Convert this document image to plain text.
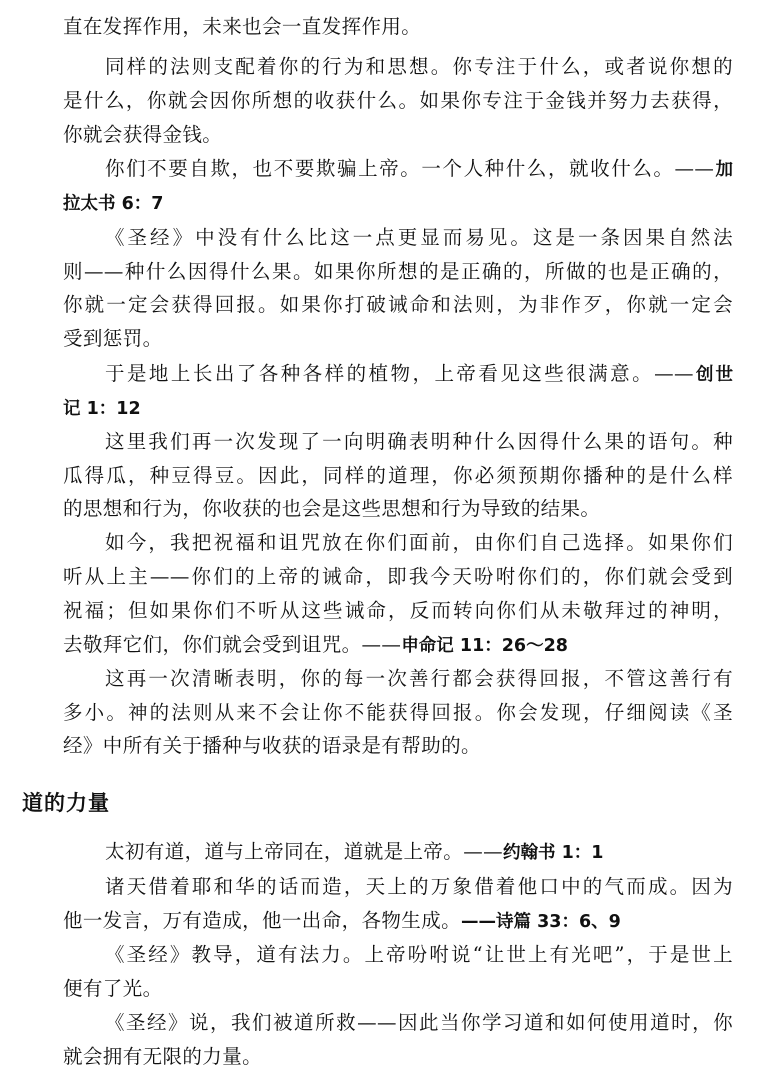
直在发挥作用，未来也会一直发挥作用。
同样的法则支配着你的行为和思想。你专注于什么，或者说你想的
是什么，你就会因你所想的收获什么。如果你专注于金钱并努力去获得，
你就会获得金钱。
你们不要自欺，也不要欺骗上帝。一个人种什么，就收什么。——加
拉太书 6：7
《圣经》中没有什么比这一点更显而易见。这是一条因果自然法
则——种什么因得什么果。如果你所想的是正确的，所做的也是正确的，
你就一定会获得回报。如果你打破诫命和法则，为非作歹，你就一定会
受到惩罚。
于是地上长出了各种各样的植物，上帝看见这些很满意。——创世
记 1：12
这里我们再一次发现了一向明确表明种什么因得什么果的语句。种
瓜得瓜，种豆得豆。因此，同样的道理，你必须预期你播种的是什么样
的思想和行为，你收获的也会是这些思想和行为导致的结果。
如今，我把祝福和诅咒放在你们面前，由你们自己选择。如果你们
听从上主——你们的上帝的诫命，即我今天吩咐你们的，你们就会受到
祝福；但如果你们不听从这些诫命，反而转向你们从未敬拜过的神明，
去敬拜它们，你们就会受到诅咒。——申命记 11：26～28
这再一次清晰表明，你的每一次善行都会获得回报，不管这善行有
多小。神的法则从来不会让你不能获得回报。你会发现，仔细阅读《圣
经》中所有关于播种与收获的语录是有帮助的。
道的力量
太初有道，道与上帝同在，道就是上帝。——约翰书 1：1
诸天借着耶和华的话而造，天上的万象借着他口中的气而成。因为
他一发言，万有造成，他一出命，各物生成。——诗篇 33：6、9
《圣经》教导，道有法力。上帝吩咐说“让世上有光吧”，于是世上
便有了光。
《圣经》说，我们被道所救——因此当你学习道和如何使用道时，你
就会拥有无限的力量。
